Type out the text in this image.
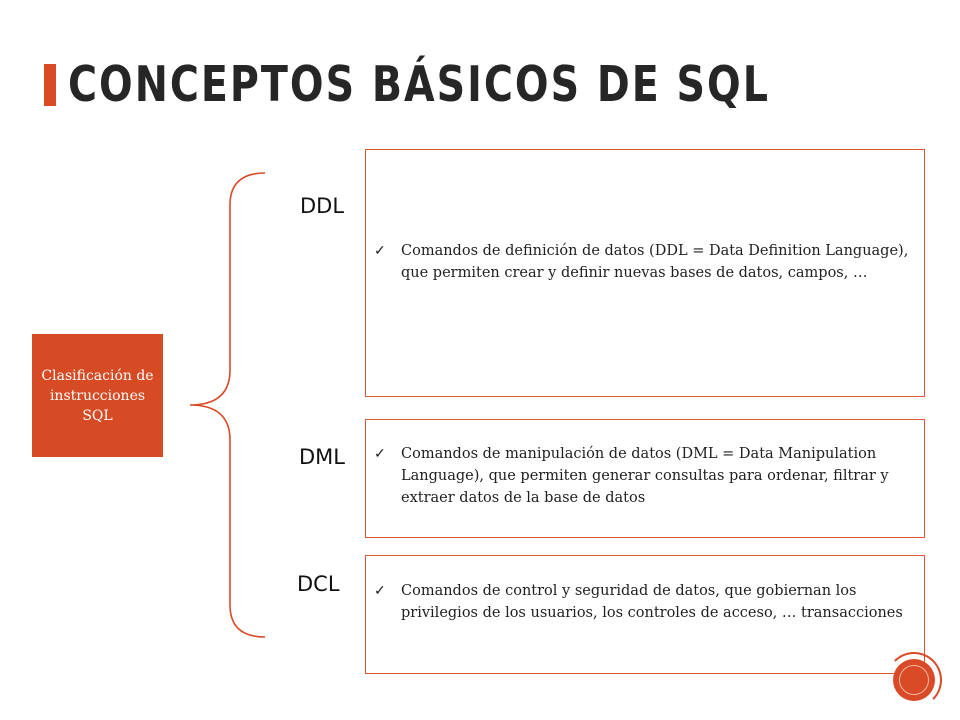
CONCEPTOS BÁSICOS DE SQL
Clasificación de instrucciones SQL
DDL
DML
DCL
✓	Comandos de definición de datos (DDL = Data Definition Language), que permiten crear y definir nuevas bases de datos, campos, …
✓	Comandos de manipulación de datos (DML = Data Manipulation Language), que permiten generar consultas para ordenar, filtrar y extraer datos de la base de datos
✓	Comandos de control y seguridad de datos, que gobiernan los privilegios de los usuarios, los controles de acceso, … transacciones
